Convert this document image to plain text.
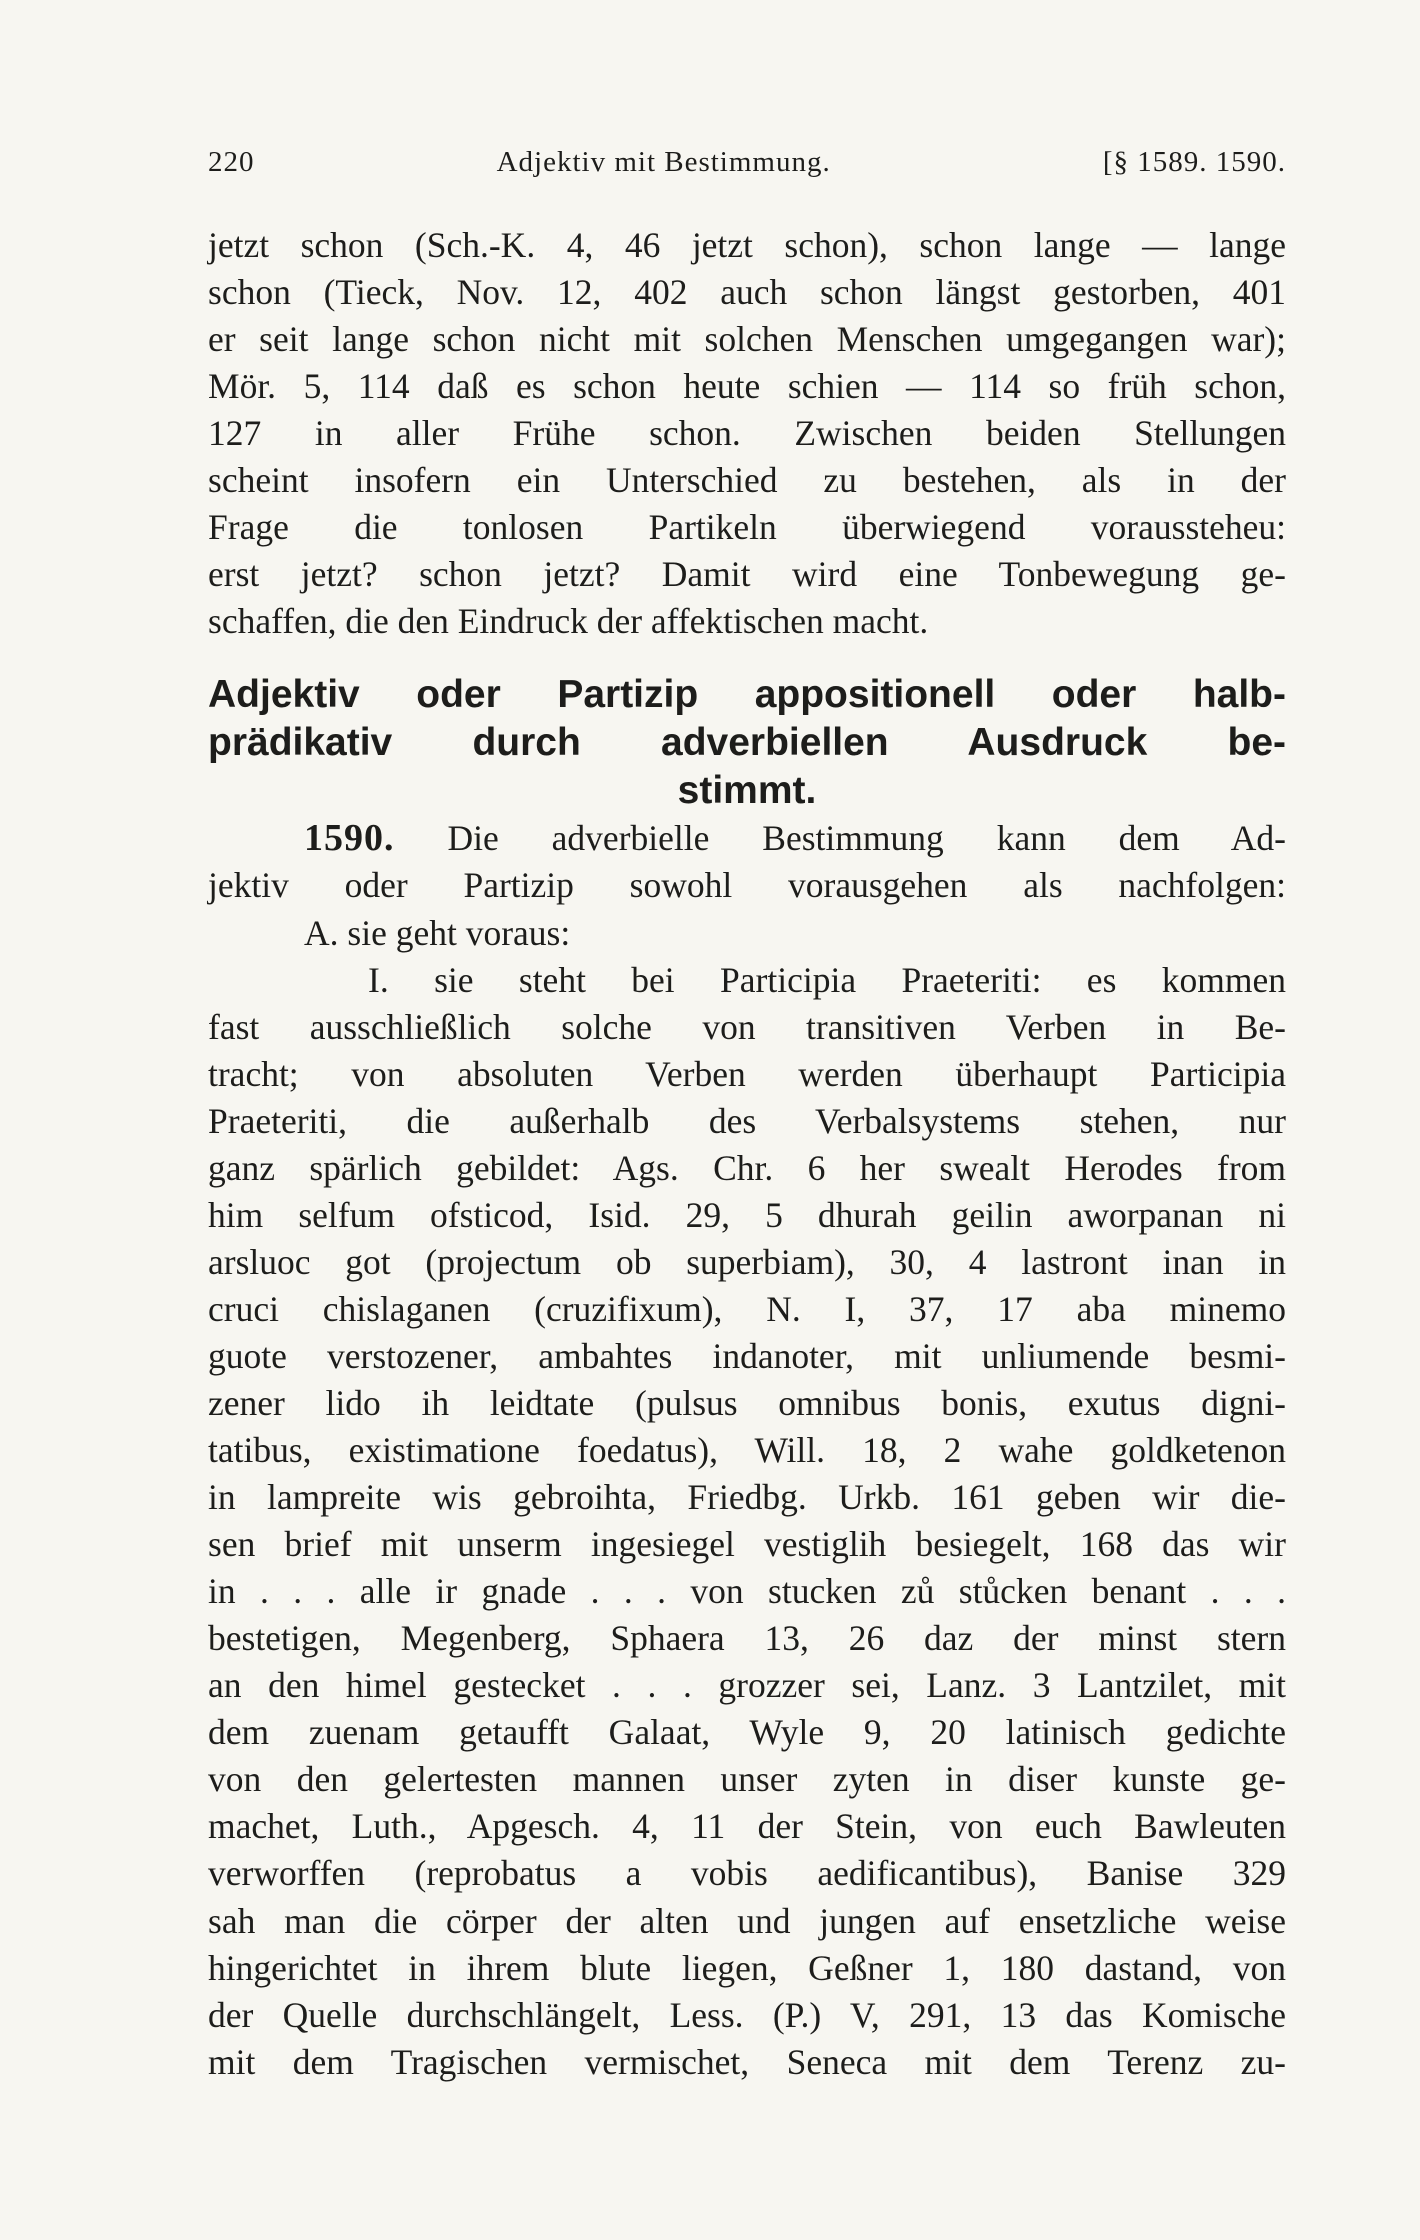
220	Adjektiv mit Bestimmung.	[§ 1589. 1590.
jetzt schon (Sch.-K. 4, 46 jetzt schon), schon lange — lange
schon (Tieck, Nov. 12, 402 auch schon längst gestorben, 401
er seit lange schon nicht mit solchen Menschen umgegangen war);
Mör. 5, 114 daß es schon heute schien — 114 so früh schon,
127 in aller Frühe schon. Zwischen beiden Stellungen
scheint insofern ein Unterschied zu bestehen, als in der
Frage die tonlosen Partikeln überwiegend voraussteheu:
erst jetzt? schon jetzt? Damit wird eine Tonbewegung ge-
schaffen, die den Eindruck der affektischen macht.
Adjektiv oder Partizip appositionell oder halb-
prädikativ durch adverbiellen Ausdruck be-
stimmt.
1590. Die adverbielle Bestimmung kann dem Ad-
jektiv oder Partizip sowohl vorausgehen als nachfolgen:
A. sie geht voraus:
I. sie steht bei Participia Praeteriti: es kommen
fast ausschließlich solche von transitiven Verben in Be-
tracht; von absoluten Verben werden überhaupt Participia
Praeteriti, die außerhalb des Verbalsystems stehen, nur
ganz spärlich gebildet: Ags. Chr. 6 her swealt Herodes from
him selfum ofsticod, Isid. 29, 5 dhurah geilin aworpanan ni
arsluoc got (projectum ob superbiam), 30, 4 lastront inan in
cruci chislaganen (cruzifixum), N. I, 37, 17 aba minemo
guote verstozener, ambahtes indanoter, mit unliumende besmi-
zener lido ih leidtate (pulsus omnibus bonis, exutus digni-
tatibus, existimatione foedatus), Will. 18, 2 wahe goldketenon
in lampreite wis gebroihta, Friedbg. Urkb. 161 geben wir die-
sen brief mit unserm ingesiegel vestiglih besiegelt, 168 das wir
in . . . alle ir gnade . . . von stucken zů stůcken benant . . .
bestetigen, Megenberg, Sphaera 13, 26 daz der minst stern
an den himel gestecket . . . grozzer sei, Lanz. 3 Lantzilet, mit
dem zuenam getaufft Galaat, Wyle 9, 20 latinisch gedichte
von den gelertesten mannen unser zyten in diser kunste ge-
machet, Luth., Apgesch. 4, 11 der Stein, von euch Bawleuten
verworffen (reprobatus a vobis aedificantibus), Banise 329
sah man die cörper der alten und jungen auf ensetzliche weise
hingerichtet in ihrem blute liegen, Geßner 1, 180 dastand, von
der Quelle durchschlängelt, Less. (P.) V, 291, 13 das Komische
mit dem Tragischen vermischet, Seneca mit dem Terenz zu-
